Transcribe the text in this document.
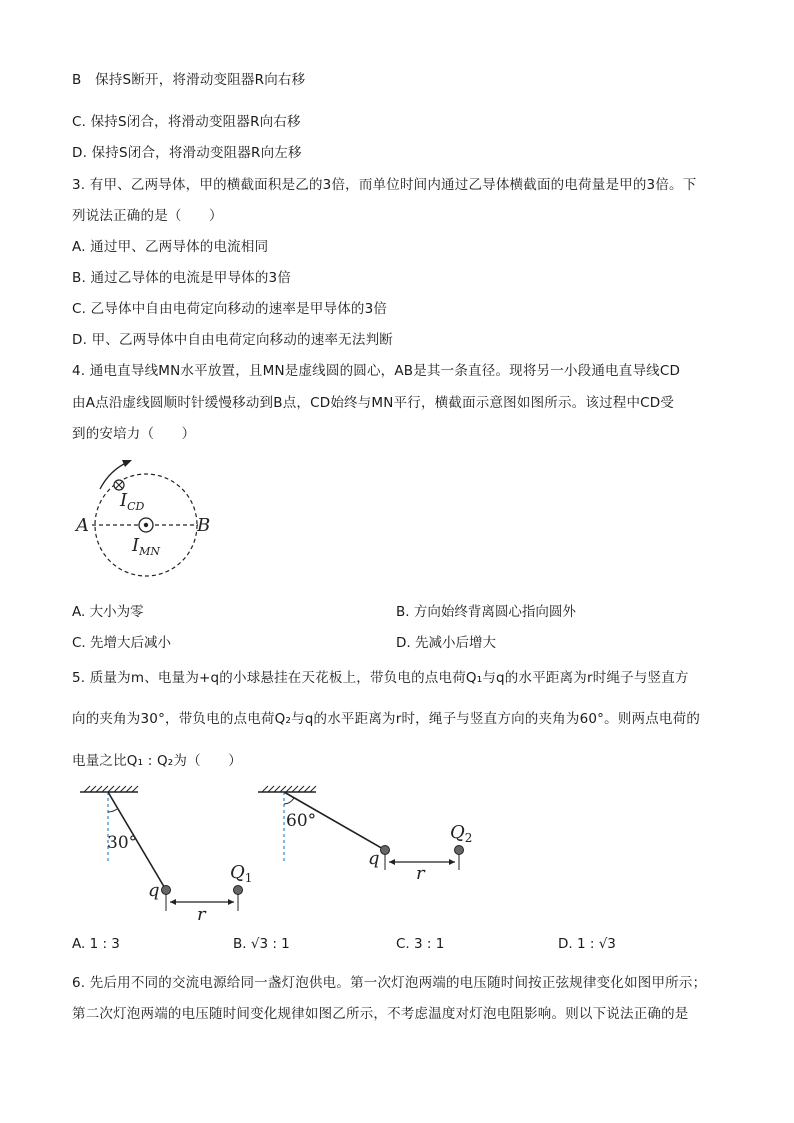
B　保持S断开，将滑动变阻器R向右移
C. 保持S闭合，将滑动变阻器R向右移
D. 保持S闭合，将滑动变阻器R向左移
3. 有甲、乙两导体，甲的横截面积是乙的3倍，而单位时间内通过乙导体横截面的电荷量是甲的3倍。下
列说法正确的是（　　）
A. 通过甲、乙两导体的电流相同
B. 通过乙导体的电流是甲导体的3倍
C. 乙导体中自由电荷定向移动的速率是甲导体的3倍
D. 甲、乙两导体中自由电荷定向移动的速率无法判断
4. 通电直导线MN水平放置，且MN是虚线圆的圆心，AB是其一条直径。现将另一小段通电直导线CD
由A点沿虚线圆顺时针缓慢移动到B点，CD始终与MN平行，横截面示意图如图所示。该过程中CD受
到的安培力（　　）
A	B
$I_{CD}$
$I_{MN}$
A. 大小为零	B. 方向始终背离圆心指向圆外
C. 先增大后减小	D. 先减小后增大
5. 质量为m、电量为+q的小球悬挂在天花板上，带负电的点电荷Q₁与q的水平距离为r时绳子与竖直方
向的夹角为30°，带负电的点电荷Q₂与q的水平距离为r时，绳子与竖直方向的夹角为60°。则两点电荷的
电量之比Q₁ : Q₂为（　　）
30°
q
$Q_1$
r
60°
q
$Q_2$
r
A. 1 : 3	B. √3 : 1	C. 3 : 1	D. 1 : √3
6. 先后用不同的交流电源给同一盏灯泡供电。第一次灯泡两端的电压随时间按正弦规律变化如图甲所示；
第二次灯泡两端的电压随时间变化规律如图乙所示，不考虑温度对灯泡电阻影响。则以下说法正确的是
